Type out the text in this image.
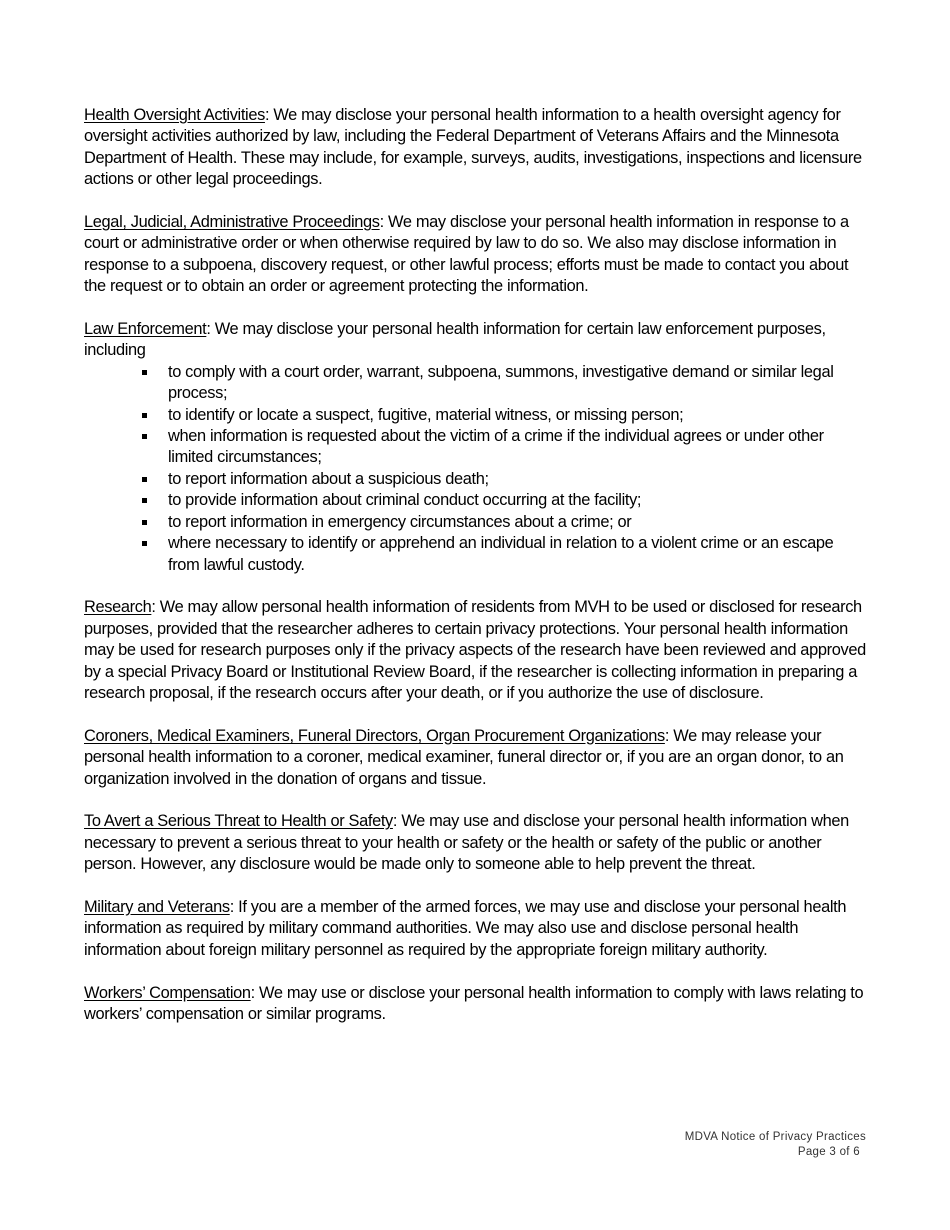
Health Oversight Activities: We may disclose your personal health information to a health oversight agency for oversight activities authorized by law, including the Federal Department of Veterans Affairs and the Minnesota Department of Health. These may include, for example, surveys, audits, investigations, inspections and licensure actions or other legal proceedings.

Legal, Judicial, Administrative Proceedings: We may disclose your personal health information in response to a court or administrative order or when otherwise required by law to do so. We also may disclose information in response to a subpoena, discovery request, or other lawful process; efforts must be made to contact you about the request or to obtain an order or agreement protecting the information.

Law Enforcement: We may disclose your personal health information for certain law enforcement purposes, including

to comply with a court order, warrant, subpoena, summons, investigative demand or similar legal process;
to identify or locate a suspect, fugitive, material witness, or missing person;
when information is requested about the victim of a crime if the individual agrees or under other limited circumstances;
to report information about a suspicious death;
to provide information about criminal conduct occurring at the facility;
to report information in emergency circumstances about a crime; or
where necessary to identify or apprehend an individual in relation to a violent crime or an escape from lawful custody.

Research: We may allow personal health information of residents from MVH to be used or disclosed for research purposes, provided that the researcher adheres to certain privacy protections. Your personal health information may be used for research purposes only if the privacy aspects of the research have been reviewed and approved by a special Privacy Board or Institutional Review Board, if the researcher is collecting information in preparing a research proposal, if the research occurs after your death, or if you authorize the use of disclosure.

Coroners, Medical Examiners, Funeral Directors, Organ Procurement Organizations: We may release your personal health information to a coroner, medical examiner, funeral director or, if you are an organ donor, to an organization involved in the donation of organs and tissue.

To Avert a Serious Threat to Health or Safety: We may use and disclose your personal health information when necessary to prevent a serious threat to your health or safety or the health or safety of the public or another person. However, any disclosure would be made only to someone able to help prevent the threat.

Military and Veterans: If you are a member of the armed forces, we may use and disclose your personal health information as required by military command authorities. We may also use and disclose personal health information about foreign military personnel as required by the appropriate foreign military authority.

Workers’ Compensation: We may use or disclose your personal health information to comply with laws relating to workers’ compensation or similar programs.

MDVA Notice of Privacy Practices
Page 3 of 6
